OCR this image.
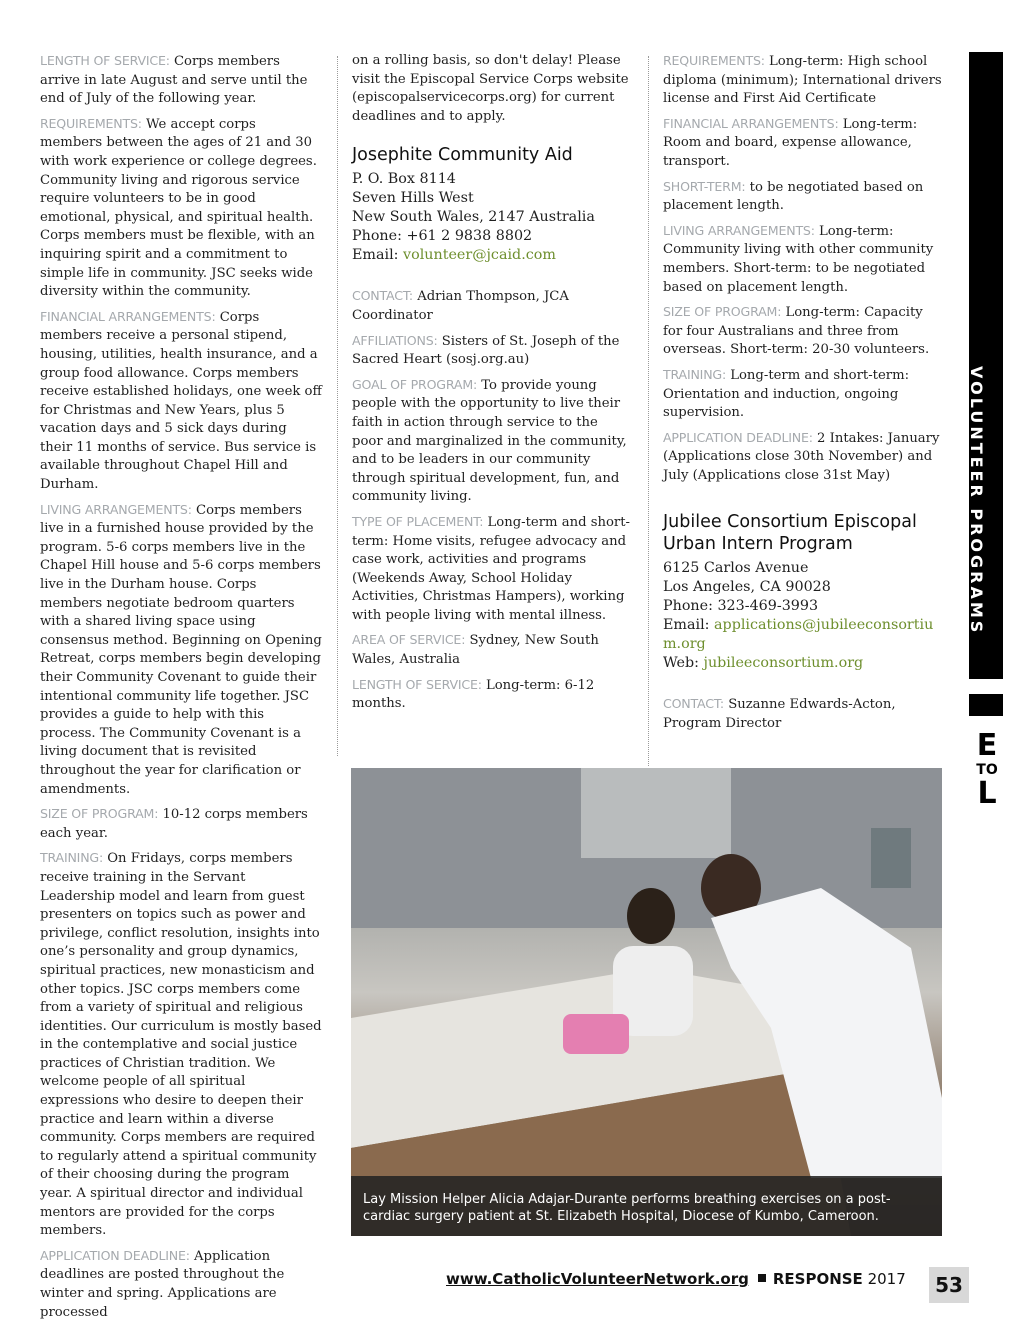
LENGTH OF SERVICE: Corps members arrive in late August and serve until the end of July of the following year.

REQUIREMENTS: We accept corps members between the ages of 21 and 30 with work experience or college degrees. Community living and rigorous service require volunteers to be in good emotional, physical, and spiritual health. Corps members must be flexible, with an inquiring spirit and a commitment to simple life in community. JSC seeks wide diversity within the community.

FINANCIAL ARRANGEMENTS: Corps members receive a personal stipend, housing, utilities, health insurance, and a group food allowance. Corps members receive established holidays, one week off for Christmas and New Years, plus 5 vacation days and 5 sick days during their 11 months of service. Bus service is available throughout Chapel Hill and Durham.

LIVING ARRANGEMENTS: Corps members live in a furnished house provided by the program. 5-6 corps members live in the Chapel Hill house and 5-6 corps members live in the Durham house. Corps members negotiate bedroom quarters with a shared living space using consensus method. Beginning on Opening Retreat, corps members begin developing their Community Covenant to guide their intentional community life together. JSC provides a guide to help with this process. The Community Covenant is a living document that is revisited throughout the year for clarification or amendments.

SIZE OF PROGRAM: 10-12 corps members each year.

TRAINING: On Fridays, corps members receive training in the Servant Leadership model and learn from guest presenters on topics such as power and privilege, conflict resolution, insights into one’s personality and group dynamics, spiritual practices, new monasticism and other topics. JSC corps members come from a variety of spiritual and religious identities. Our curriculum is mostly based in the contemplative and social justice practices of Christian tradition. We welcome people of all spiritual expressions who desire to deepen their practice and learn within a diverse community. Corps members are required to regularly attend a spiritual community of their choosing during the program year. A spiritual director and individual mentors are provided for the corps members.

APPLICATION DEADLINE: Application deadlines are posted throughout the winter and spring. Applications are processed

on a rolling basis, so don't delay! Please visit the Episcopal Service Corps website (episcopalservicecorps.org) for current deadlines and to apply.

Josephite Community Aid
P. O. Box 8114
Seven Hills West
New South Wales, 2147 Australia
Phone: +61 2 9838 8802
Email: volunteer@jcaid.com

CONTACT: Adrian Thompson, JCA Coordinator

AFFILIATIONS: Sisters of St. Joseph of the Sacred Heart (sosj.org.au)

GOAL OF PROGRAM: To provide young people with the opportunity to live their faith in action through service to the poor and marginalized in the community, and to be leaders in our community through spiritual development, fun, and community living.

TYPE OF PLACEMENT: Long-term and short-term: Home visits, refugee advocacy and case work, activities and programs (Weekends Away, School Holiday Activities, Christmas Hampers), working with people living with mental illness.

AREA OF SERVICE: Sydney, New South Wales, Australia

LENGTH OF SERVICE: Long-term: 6-12 months.

REQUIREMENTS: Long-term: High school diploma (minimum); International drivers license and First Aid Certificate

FINANCIAL ARRANGEMENTS: Long-term: Room and board, expense allowance, transport.

SHORT-TERM: to be negotiated based on placement length.

LIVING ARRANGEMENTS: Long-term: Community living with other community members. Short-term: to be negotiated based on placement length.

SIZE OF PROGRAM: Long-term: Capacity for four Australians and three from overseas. Short-term: 20-30 volunteers.

TRAINING: Long-term and short-term: Orientation and induction, ongoing supervision.

APPLICATION DEADLINE: 2 Intakes: January (Applications close 30th November) and July (Applications close 31st May)

Jubilee Consortium Episcopal Urban Intern Program
6125 Carlos Avenue
Los Angeles, CA 90028
Phone: 323-469-3993
Email: applications@jubileeconsortium.org
Web: jubileeconsortium.org

CONTACT: Suzanne Edwards-Acton, Program Director

Lay Mission Helper Alicia Adajar-Durante performs breathing exercises on a post-cardiac surgery patient at St. Elizabeth Hospital, Diocese of Kumbo, Cameroon.
VOLUNTEER PROGRAMS
E
TO
L
www.CatholicVolunteerNetwork.org RESPONSE 2017	53
